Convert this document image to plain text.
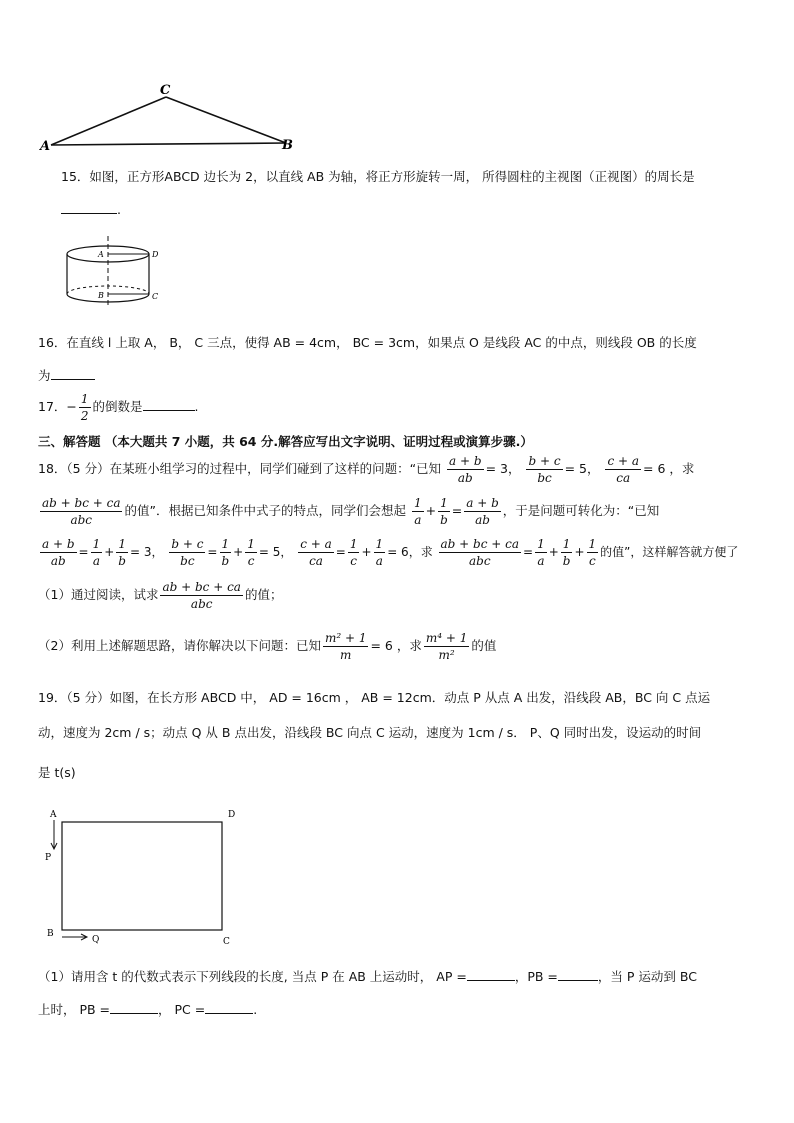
A
C
B
15．如图，正方形ABCD 边长为 2，以直线 AB 为轴，将正方形旋转一周， 所得圆柱的主视图（正视图）的周长是
.
A	D
B	C
16．在直线 l 上取 A， B， C 三点，使得 AB = 4cm， BC = 3cm，如果点 O 是线段 AC 的中点，则线段 OB 的长度
为
17．− $\frac{1}{2}$ 的倒数是	.
三、解答题 （本大题共 7 小题，共 64 分.解答应写出文字说明、证明过程或演算步骤.）
18．（5 分）在某班小组学习的过程中，同学们碰到了这样的问题：“已知 $\frac{a + b}{ab} = 3$， $\frac{b + c}{bc} = 5$， $\frac{c + a}{ca} = 6$ ，求
$\frac{ab + bc + ca}{\text{abc}}$ 的值”．根据已知条件中式子的特点，同学们会想起 $\frac{1}{a} + \frac{1}{b} = \frac{a + b}{ab}$ ，于是问题可转化为：“已知
$\frac{a + b}{ab} = \frac{1}{a} + \frac{1}{b} = 3$， $\frac{b + c}{bc} = \frac{1}{b} + \frac{1}{c} = 5$， $\frac{c + a}{ca} = \frac{1}{c} + \frac{1}{a} = 6$，求 $\frac{ab + bc + ca}{\text{abc}} = \frac{1}{a} + \frac{1}{b} + \frac{1}{c}$ 的值”，这样解答就方便了
（1）通过阅读，试求 $\frac{ab + bc + ca}{\text{abc}}$ 的值；
（2）利用上述解题思路，请你解决以下问题：已知 $\frac{\text{m² + 1}}{m} = 6$ ，求 $\frac{\text{m⁴ + 1}}{\text{m²}}$ 的值
19．（5 分）如图，在长方形 ABCD 中， AD = 16cm ， AB = 12cm．动点 P 从点 A 出发，沿线段 AB，BC 向 C 点运
动，速度为 2cm / s；动点 Q 从 B 点出发，沿线段 BC 向点 C 运动，速度为 1cm / s． P、Q 同时出发，设运动的时间
是 t(s)
A	D
P
B
Q	C
（1）请用含 t 的代数式表示下列线段的长度, 当点 P 在 AB 上运动时， AP =	，PB =	，当 P 运动到 BC
上时， PB =	， PC =	.
